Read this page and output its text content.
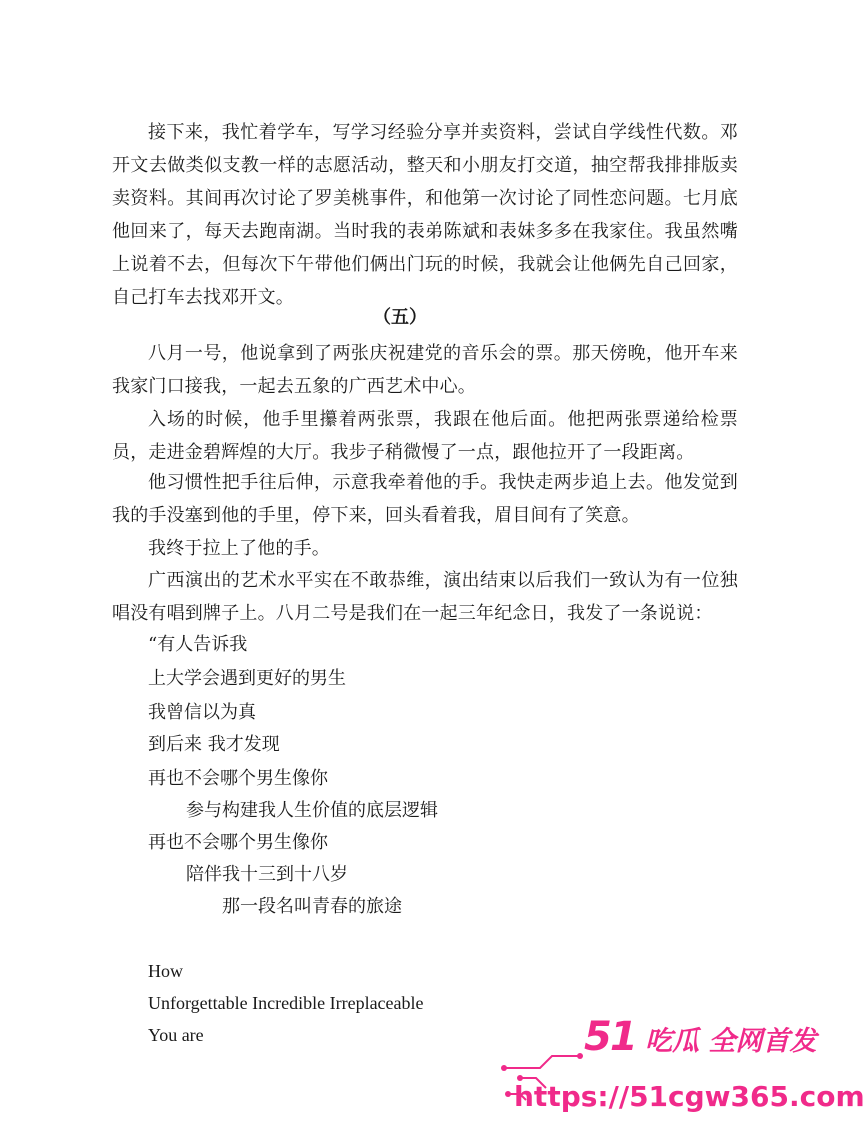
接下来，我忙着学车，写学习经验分享并卖资料，尝试自学线性代数。邓开文去做类似支教一样的志愿活动，整天和小朋友打交道，抽空帮我排排版卖卖资料。其间再次讨论了罗美桃事件，和他第一次讨论了同性恋问题。七月底他回来了，每天去跑南湖。当时我的表弟陈斌和表妹多多在我家住。我虽然嘴上说着不去，但每次下午带他们俩出门玩的时候，我就会让他俩先自己回家，自己打车去找邓开文。

（五）

八月一号，他说拿到了两张庆祝建党的音乐会的票。那天傍晚，他开车来我家门口接我，一起去五象的广西艺术中心。

入场的时候，他手里攥着两张票，我跟在他后面。他把两张票递给检票员，走进金碧辉煌的大厅。我步子稍微慢了一点，跟他拉开了一段距离。

他习惯性把手往后伸，示意我牵着他的手。我快走两步追上去。他发觉到我的手没塞到他的手里，停下来，回头看着我，眉目间有了笑意。

我终于拉上了他的手。

广西演出的艺术水平实在不敢恭维，演出结束以后我们一致认为有一位独唱没有唱到牌子上。八月二号是我们在一起三年纪念日，我发了一条说说：

“有人告诉我

上大学会遇到更好的男生

我曾信以为真

到后来 我才发现

再也不会哪个男生像你

参与构建我人生价值的底层逻辑

再也不会哪个男生像你

陪伴我十三到十八岁

那一段名叫青春的旅途

How

Unforgettable Incredible Irreplaceable

You are	51 吃瓜 全网首发
https://51cgw365.com
